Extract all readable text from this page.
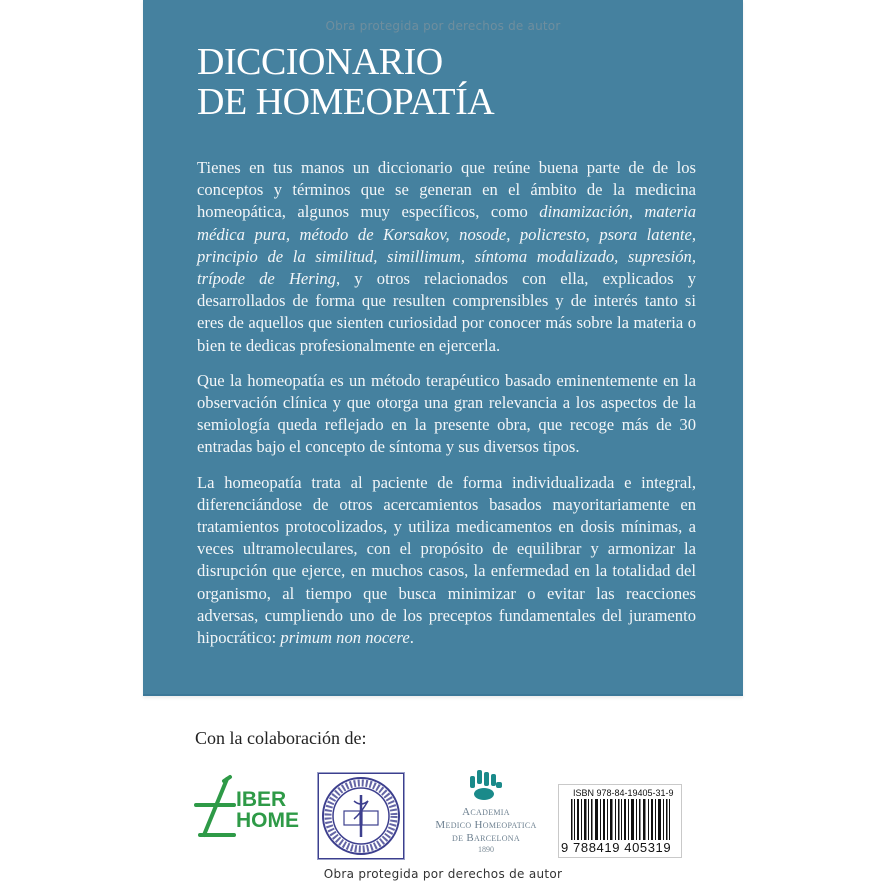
Obra protegida por derechos de autor
DICCIONARIO
DE HOMEOPATÍA

Tienes en tus manos un diccionario que reúne buena parte de de los conceptos y términos que se generan en el ámbito de la medicina homeopática, algunos muy específicos, como dinamización, materia médica pura, método de Korsakov, nosode, policresto, psora latente, principio de la similitud, simillimum, síntoma modalizado, supresión, trípode de Hering, y otros relacionados con ella, explicados y desarrollados de forma que resulten comprensibles y de interés tanto si eres de aquellos que sienten curiosidad por conocer más sobre la materia o bien te dedicas profesionalmente en ejercerla.

Que la homeopatía es un método terapéutico basado eminentemente en la observación clínica y que otorga una gran relevancia a los aspectos de la semiología queda reflejado en la presente obra, que recoge más de 30 entradas bajo el concepto de síntoma y sus diversos tipos.

La homeopatía trata al paciente de forma individualizada e integral, diferenciándose de otros acercamientos basados mayoritariamente en tratamientos protocolizados, y utiliza medicamentos en dosis mínimas, a veces ultramoleculares, con el propósito de equilibrar y armonizar la disrupción que ejerce, en muchos casos, la enfermedad en la totalidad del organismo, al tiempo que busca minimizar o evitar las reacciones adversas, cumpliendo uno de los preceptos fundamentales del juramento hipocrático: primum non nocere.

Con la colaboración de:
IBER
HOME	Academia
Medico Homeopatica
de Barcelona
1890
ISBN 978-84-19405-31-9
9 788419 405319
Obra protegida por derechos de autor
